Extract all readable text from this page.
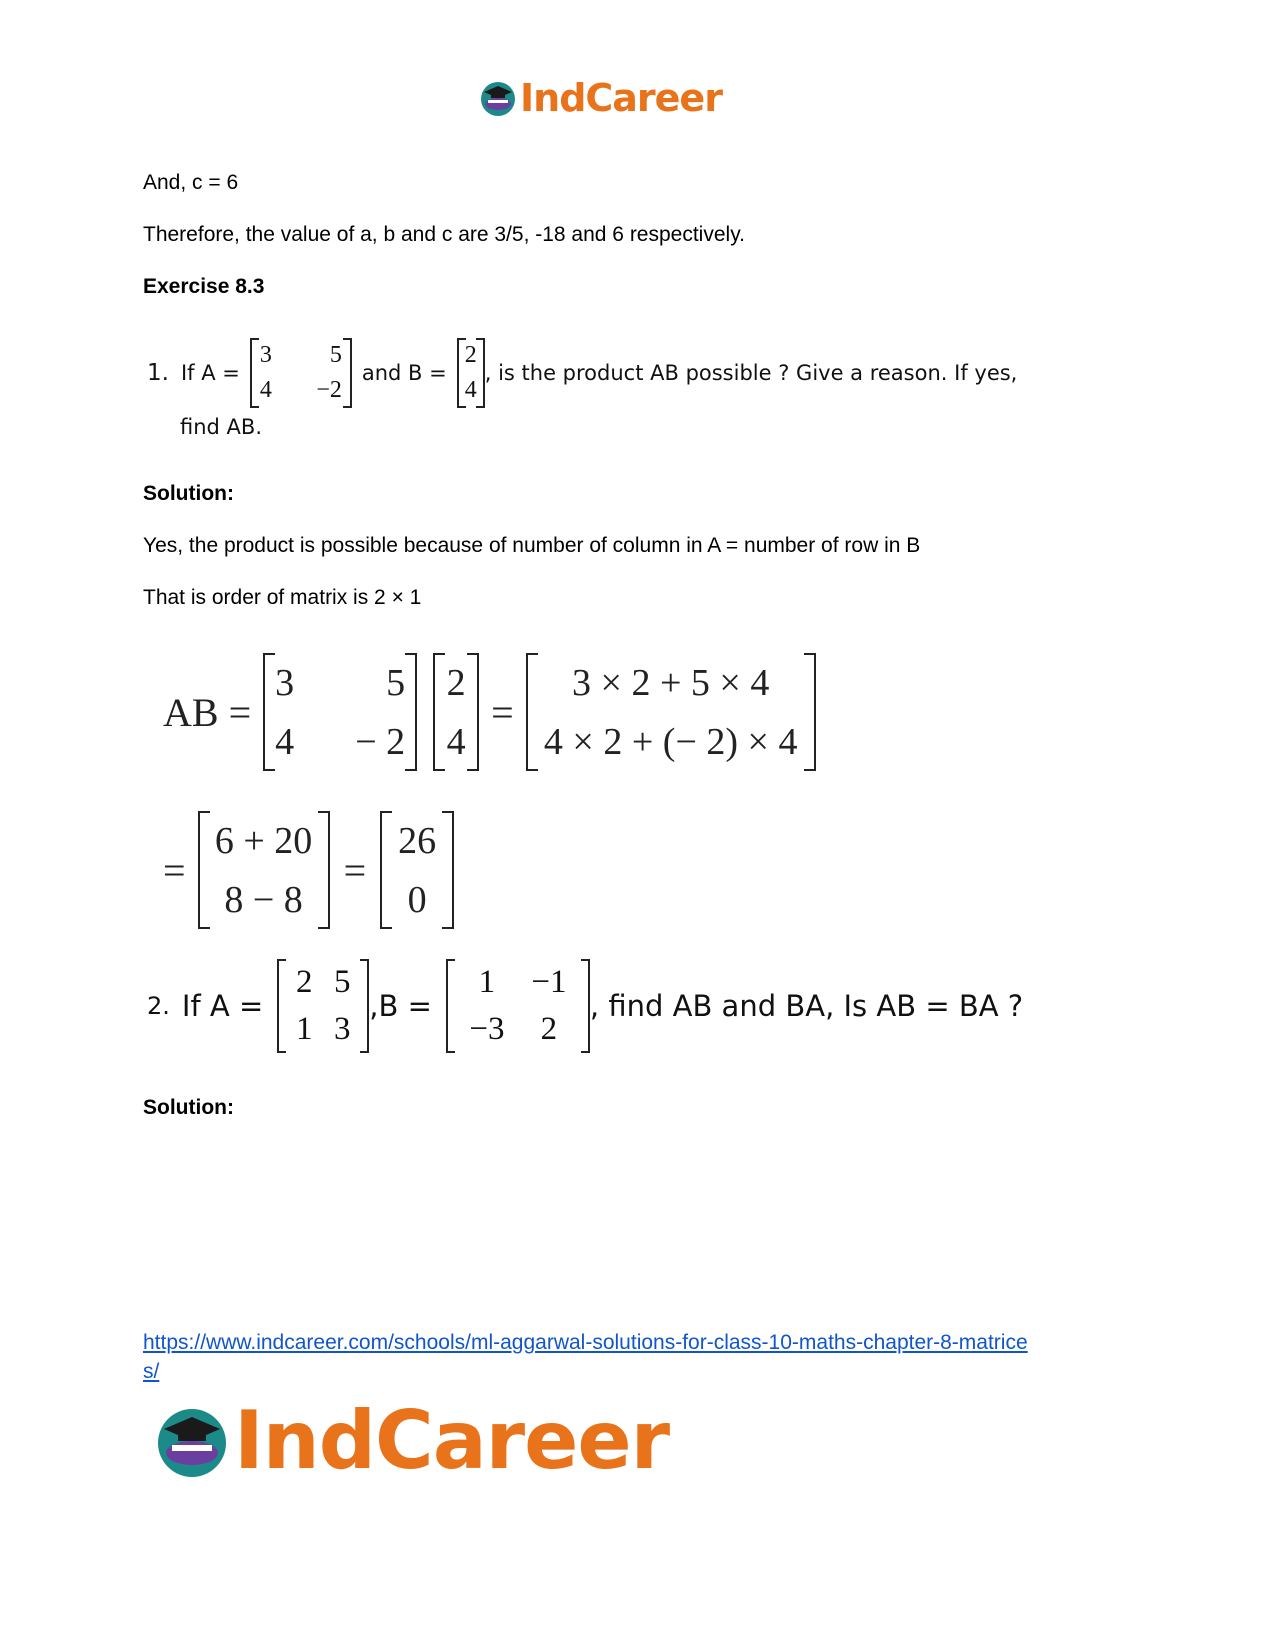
IndCareer
And, c = 6
Therefore, the value of a, b and c are 3/5, -18 and 6 respectively.
Exercise 8.3
1. If A =
3	5
4	−2
and B =
2
4
, is the product AB possible ? Give a reason. If yes,
find AB.
Solution:
Yes, the product is possible because of number of column in A = number of row in B
That is order of matrix is 2 × 1
AB =
3	5
4	− 2
2
4
=
3 × 2 + 5 × 4
4 × 2 + (− 2) × 4
=
6 + 20
8 − 8
=
26
0
2. If A =
2	5
1	3
,B =
1	−1
−3	2
, find AB and BA, Is AB = BA ?
Solution:
https://www.indcareer.com/schools/ml-aggarwal-solutions-for-class-10-maths-chapter-8-matrice
s/
IndCareer
